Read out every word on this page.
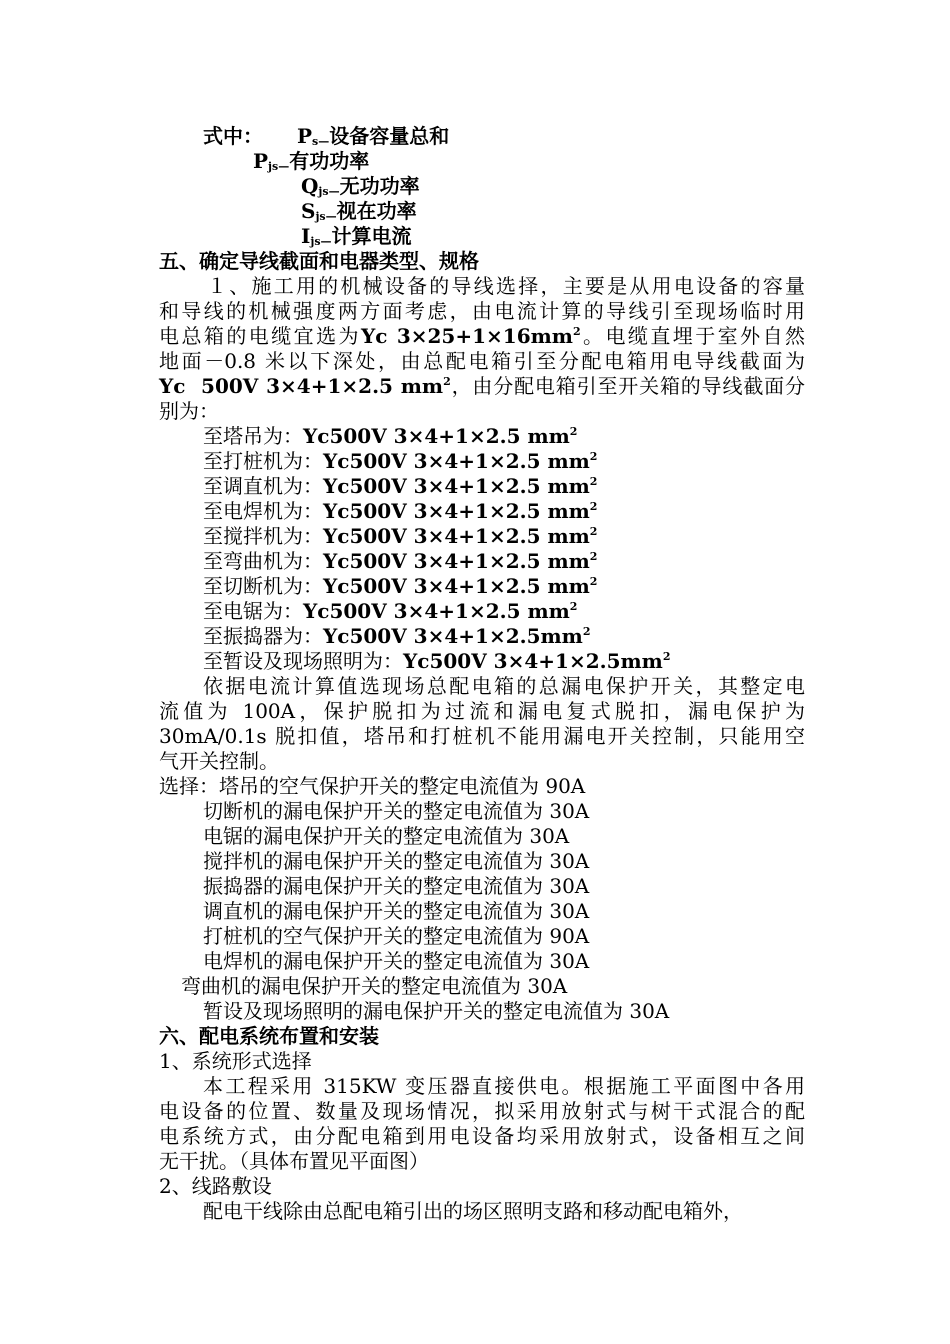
式中： $P_{s—}$设备容量总和
$P_{js—}$有功功率
$Q_{js—}$无功功率
$S_{js—}$视在功率
$I_{js—}$计算电流
五、确定导线截面和电器类型、规格
１、施工用的机械设备的导线选择，主要是从用电设备的容量
和导线的机械强度两方面考虑，由电流计算的导线引至现场临时用
电总箱的电缆宜选为Yc $3\times 25+1\times 16mm^2$。电缆直埋于室外自然
地面－0.8 米以下深处，由总配电箱引至分配电箱用电导线截面为
Yc  500V 3×4+1×2.5 $mm^2$，由分配电箱引至开关箱的导线截面分
别为：
至塔吊为：Yc500V 3×4+1×2.5 $mm^2$
至打桩机为：Yc500V 3×4+1×2.5 $mm^2$
至调直机为：Yc500V 3×4+1×2.5 $mm^2$
至电焊机为：Yc500V 3×4+1×2.5 $mm^2$
至搅拌机为：Yc500V 3×4+1×2.5 $mm^2$
至弯曲机为：Yc500V 3×4+1×2.5 $mm^2$
至切断机为：Yc500V 3×4+1×2.5 $mm^2$
至电锯为：Yc500V 3×4+1×2.5 $mm^2$
至振捣器为：Yc500V $3\times 4+1\times 2.5mm^2$
至暂设及现场照明为：Yc500V $3\times 4+1\times 2.5mm^2$
依据电流计算值选现场总配电箱的总漏电保护开关，其整定电
流值为 100A，保护脱扣为过流和漏电复式脱扣，漏电保护为
30mA/0.1s 脱扣值，塔吊和打桩机不能用漏电开关控制，只能用空
气开关控制。
选择：塔吊的空气保护开关的整定电流值为 90A
切断机的漏电保护开关的整定电流值为 30A
电锯的漏电保护开关的整定电流值为 30A
搅拌机的漏电保护开关的整定电流值为 30A
振捣器的漏电保护开关的整定电流值为 30A
调直机的漏电保护开关的整定电流值为 30A
打桩机的空气保护开关的整定电流值为 90A
电焊机的漏电保护开关的整定电流值为 30A
弯曲机的漏电保护开关的整定电流值为 30A
暂设及现场照明的漏电保护开关的整定电流值为 30A
六、配电系统布置和安装
1、系统形式选择
本工程采用 315KW 变压器直接供电。根据施工平面图中各用
电设备的位置、数量及现场情况，拟采用放射式与树干式混合的配
电系统方式，由分配电箱到用电设备均采用放射式，设备相互之间
无干扰。（具体布置见平面图）
2、线路敷设
配电干线除由总配电箱引出的场区照明支路和移动配电箱外，
